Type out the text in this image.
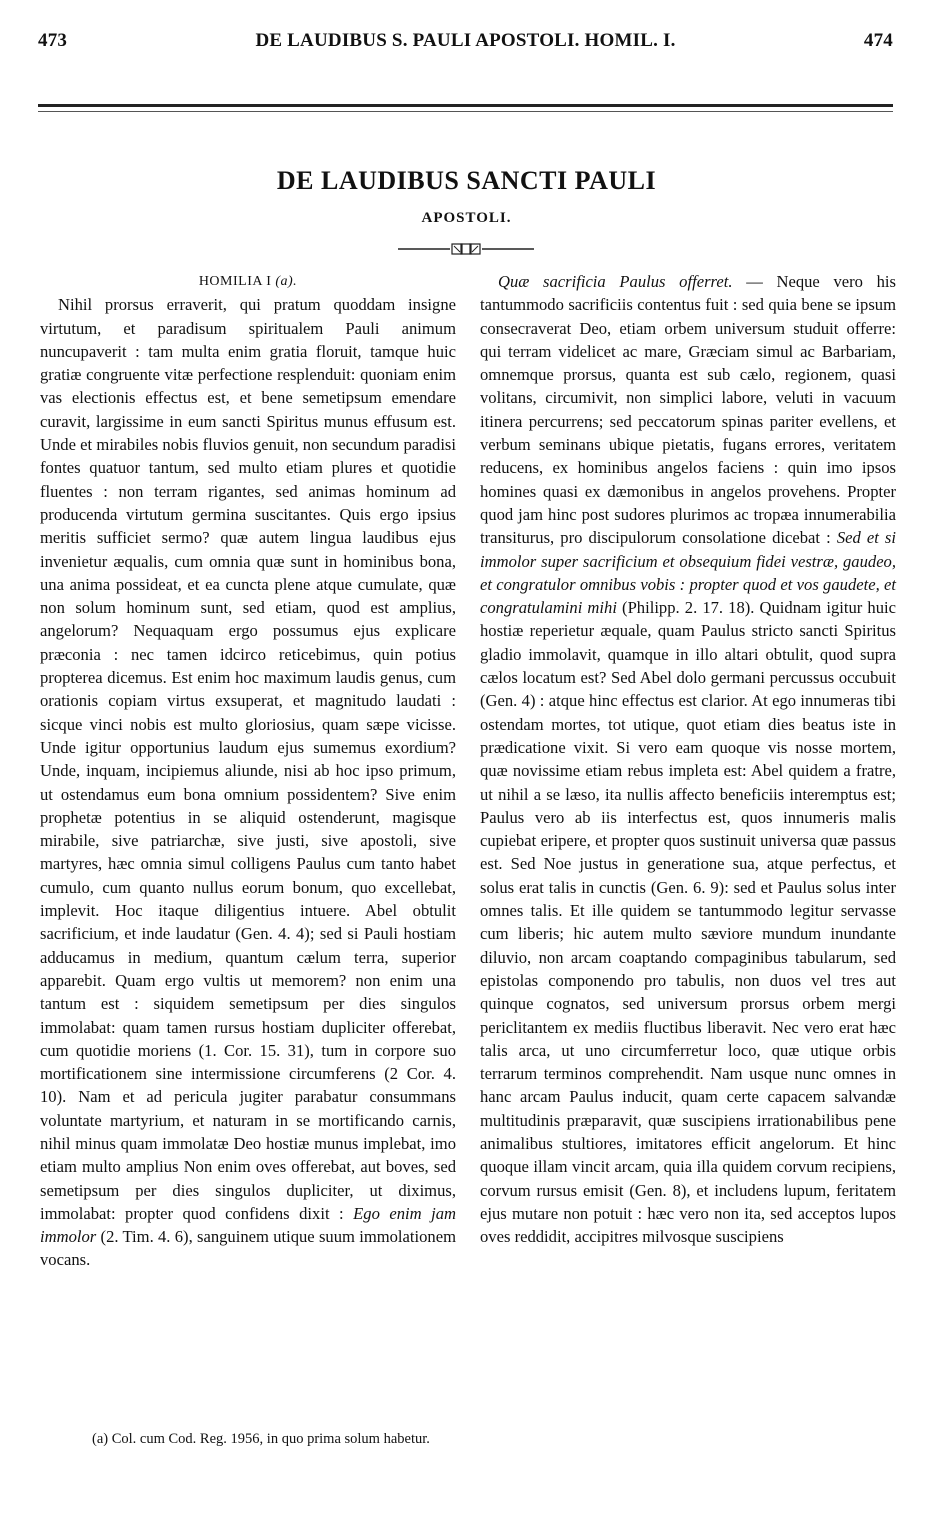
473	DE LAUDIBUS S. PAULI APOSTOLI. HOMIL. I.	474
DE LAUDIBUS SANCTI PAULI
APOSTOLI.

HOMILIA I (a).

Nihil prorsus erraverit, qui pratum quoddam insigne virtutum, et paradisum spiritualem Pauli animum nuncupaverit : tam multa enim gratia floruit, tamque huic gratiæ congruente vitæ perfectione resplenduit: quoniam enim vas electionis effectus est, et bene semetipsum emendare curavit, largissime in eum sancti Spiritus munus effusum est. Unde et mirabiles nobis fluvios genuit, non secundum paradisi fontes quatuor tantum, sed multo etiam plures et quotidie fluentes : non terram rigantes, sed animas hominum ad producenda virtutum germina suscitantes. Quis ergo ipsius meritis sufficiet sermo? quæ autem lingua laudibus ejus invenietur æqualis, cum omnia quæ sunt in hominibus bona, una anima possideat, et ea cuncta plene atque cumulate, quæ non solum hominum sunt, sed etiam, quod est amplius, angelorum? Nequaquam ergo possumus ejus explicare præconia : nec tamen idcirco reticebimus, quin potius propterea dicemus. Est enim hoc maximum laudis genus, cum orationis copiam virtus exsuperat, et magnitudo laudati : sicque vinci nobis est multo gloriosius, quam sæpe vicisse. Unde igitur opportunius laudum ejus sumemus exordium? Unde, inquam, incipiemus aliunde, nisi ab hoc ipso primum, ut ostendamus eum bona omnium possidentem? Sive enim prophetæ potentius in se aliquid ostenderunt, magisque mirabile, sive patriarchæ, sive justi, sive apostoli, sive martyres, hæc omnia simul colligens Paulus cum tanto habet cumulo, cum quanto nullus eorum bonum, quo excellebat, implevit. Hoc itaque diligentius intuere. Abel obtulit sacrificium, et inde laudatur (Gen. 4. 4); sed si Pauli hostiam adducamus in medium, quantum cælum terra, superior apparebit. Quam ergo vultis ut memorem? non enim una tantum est : siquidem semetipsum per dies singulos immolabat: quam tamen rursus hostiam dupliciter offerebat, cum quotidie moriens (1. Cor. 15. 31), tum in corpore suo mortificationem sine intermissione circumferens (2 Cor. 4. 10). Nam et ad pericula jugiter parabatur consummans voluntate martyrium, et naturam in se mortificando carnis, nihil minus quam immolatæ Deo hostiæ munus implebat, imo etiam multo amplius Non enim oves offerebat, aut boves, sed semetipsum per dies singulos dupliciter, ut diximus, immolabat: propter quod confidens dixit : Ego enim jam immolor (2. Tim. 4. 6), sanguinem utique suum immolationem vocans.

Quæ sacrificia Paulus offerret. — Neque vero his tantummodo sacrificiis contentus fuit : sed quia bene se ipsum consecraverat Deo, etiam orbem universum studuit offerre: qui terram videlicet ac mare, Græciam simul ac Barbariam, omnemque prorsus, quanta est sub cælo, regionem, quasi volitans, circumivit, non simplici labore, veluti in vacuum itinera percurrens; sed peccatorum spinas pariter evellens, et verbum seminans ubique pietatis, fugans errores, veritatem reducens, ex hominibus angelos faciens : quin imo ipsos homines quasi ex dæmonibus in angelos provehens. Propter quod jam hinc post sudores plurimos ac tropæa innumerabilia transiturus, pro discipulorum consolatione dicebat : Sed et si immolor super sacrificium et obsequium fidei vestræ, gaudeo, et congratulor omnibus vobis : propter quod et vos gaudete, et congratulamini mihi (Philipp. 2. 17. 18). Quidnam igitur huic hostiæ reperietur æquale, quam Paulus stricto sancti Spiritus gladio immolavit, quamque in illo altari obtulit, quod supra cælos locatum est? Sed Abel dolo germani percussus occubuit (Gen. 4) : atque hinc effectus est clarior. At ego innumeras tibi ostendam mortes, tot utique, quot etiam dies beatus iste in prædicatione vixit. Si vero eam quoque vis nosse mortem, quæ novissime etiam rebus impleta est: Abel quidem a fratre, ut nihil a se læso, ita nullis affecto beneficiis interemptus est; Paulus vero ab iis interfectus est, quos innumeris malis cupiebat eripere, et propter quos sustinuit universa quæ passus est. Sed Noe justus in generatione sua, atque perfectus, et solus erat talis in cunctis (Gen. 6. 9): sed et Paulus solus inter omnes talis. Et ille quidem se tantummodo legitur servasse cum liberis; hic autem multo sæviore mundum inundante diluvio, non arcam coaptando compaginibus tabularum, sed epistolas componendo pro tabulis, non duos vel tres aut quinque cognatos, sed universum prorsus orbem mergi periclitantem ex mediis fluctibus liberavit. Nec vero erat hæc talis arca, ut uno circumferretur loco, quæ utique orbis terrarum terminos comprehendit. Nam usque nunc omnes in hanc arcam Paulus inducit, quam certe capacem salvandæ multitudinis præparavit, quæ suscipiens irrationabilibus pene animalibus stultiores, imitatores efficit angelorum. Et hinc quoque illam vincit arcam, quia illa quidem corvum recipiens, corvum rursus emisit (Gen. 8), et includens lupum, feritatem ejus mutare non potuit : hæc vero non ita, sed acceptos lupos oves reddidit, accipitres milvosque suscipiens

(a) Col. cum Cod. Reg. 1956, in quo prima solum habetur.
